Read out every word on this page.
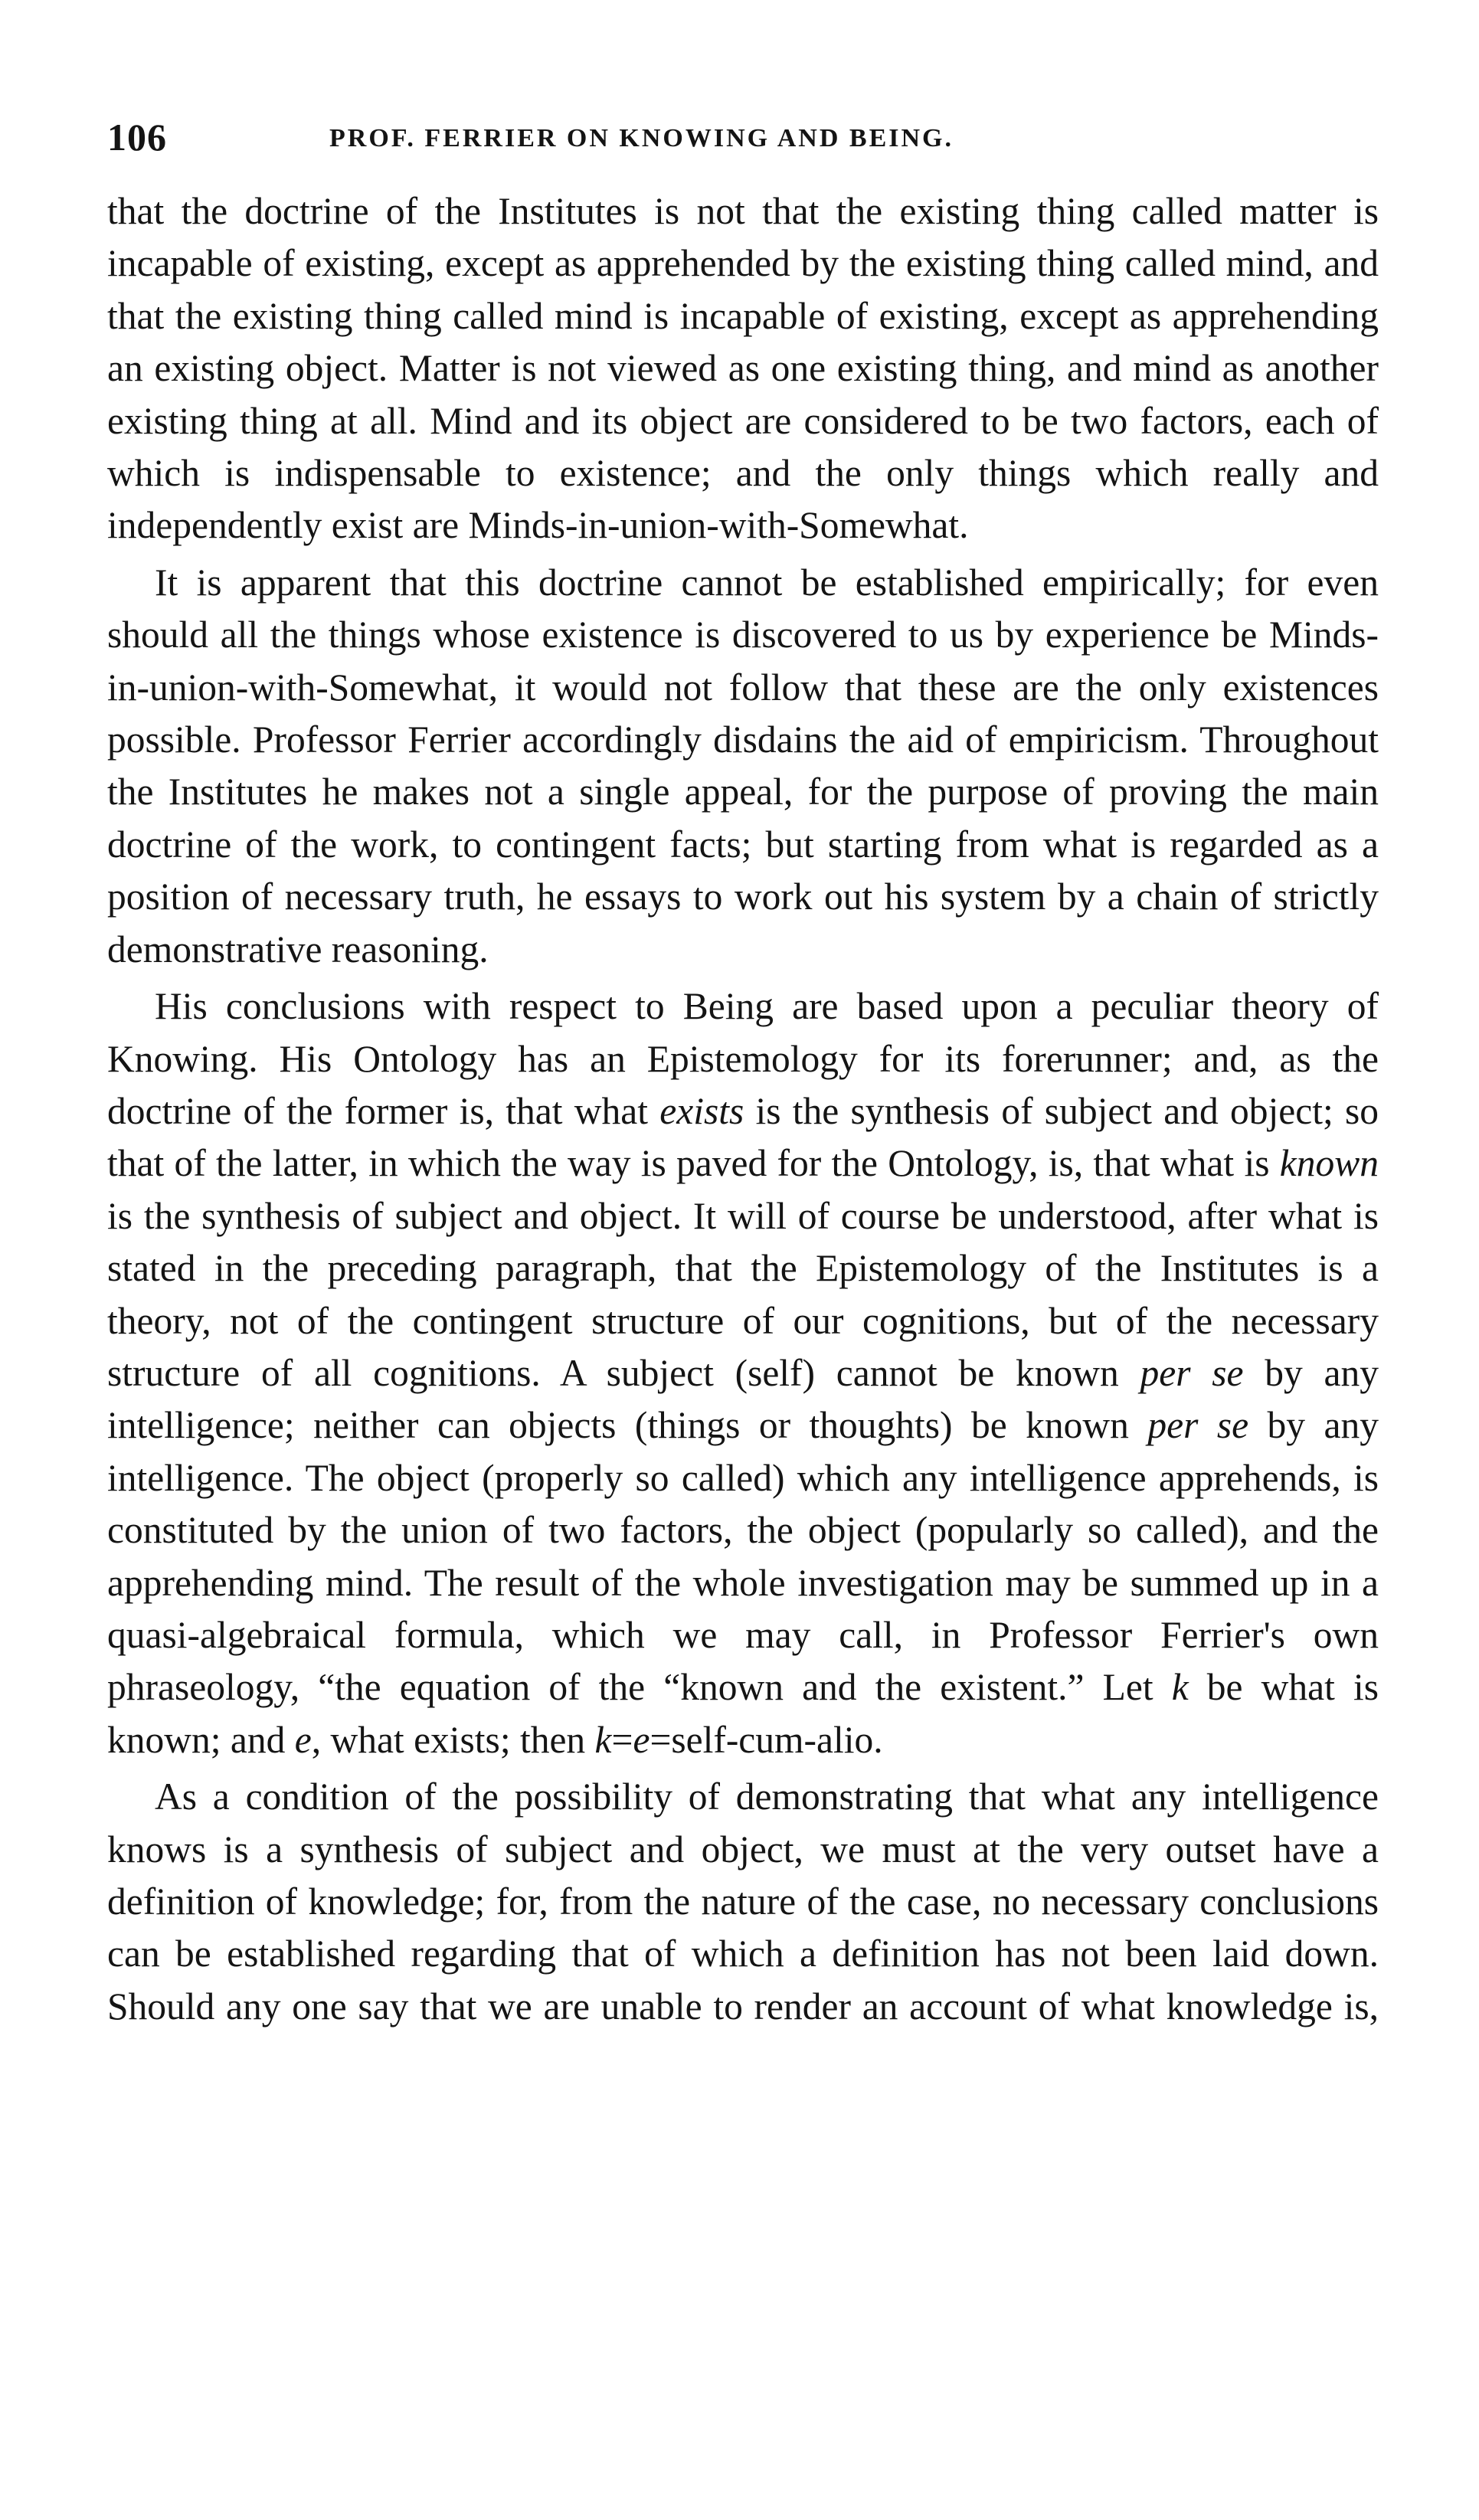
106	PROF. FERRIER ON KNOWING AND BEING.

that the doctrine of the Institutes is not that the existing thing called matter is incapable of existing, except as apprehended by the existing thing called mind, and that the existing thing called mind is incapable of existing, except as apprehending an existing object. Matter is not viewed as one existing thing, and mind as another existing thing at all. Mind and its object are considered to be two factors, each of which is indispensable to existence; and the only things which really and independently exist are Minds-in-union-with-Somewhat.

It is apparent that this doctrine cannot be established empirically; for even should all the things whose existence is discovered to us by experience be Minds-in-union-with-Somewhat, it would not follow that these are the only existences possible. Professor Ferrier accordingly disdains the aid of empiricism. Throughout the Institutes he makes not a single appeal, for the purpose of proving the main doctrine of the work, to contingent facts; but starting from what is regarded as a position of necessary truth, he essays to work out his system by a chain of strictly demonstrative reasoning.

His conclusions with respect to Being are based upon a peculiar theory of Knowing. His Ontology has an Epistemology for its forerunner; and, as the doctrine of the former is, that what exists is the synthesis of subject and object; so that of the latter, in which the way is paved for the Ontology, is, that what is known is the synthesis of subject and object. It will of course be understood, after what is stated in the preceding paragraph, that the Epistemology of the Institutes is a theory, not of the contingent structure of our cognitions, but of the necessary structure of all cognitions. A subject (self) cannot be known per se by any intelligence; neither can objects (things or thoughts) be known per se by any intelligence. The object (properly so called) which any intelligence apprehends, is constituted by the union of two factors, the object (popularly so called), and the apprehending mind. The result of the whole investigation may be summed up in a quasi-algebraical formula, which we may call, in Professor Ferrier's own phraseology, “the equation of the “known and the existent.” Let k be what is known; and e, what exists; then k=e=self-cum-alio.

As a condition of the possibility of demonstrating that what any intelligence knows is a synthesis of subject and object, we must at the very outset have a definition of knowledge; for, from the nature of the case, no necessary conclusions can be established regarding that of which a definition has not been laid down. Should any one say that we are unable to render an account of what knowledge is,
